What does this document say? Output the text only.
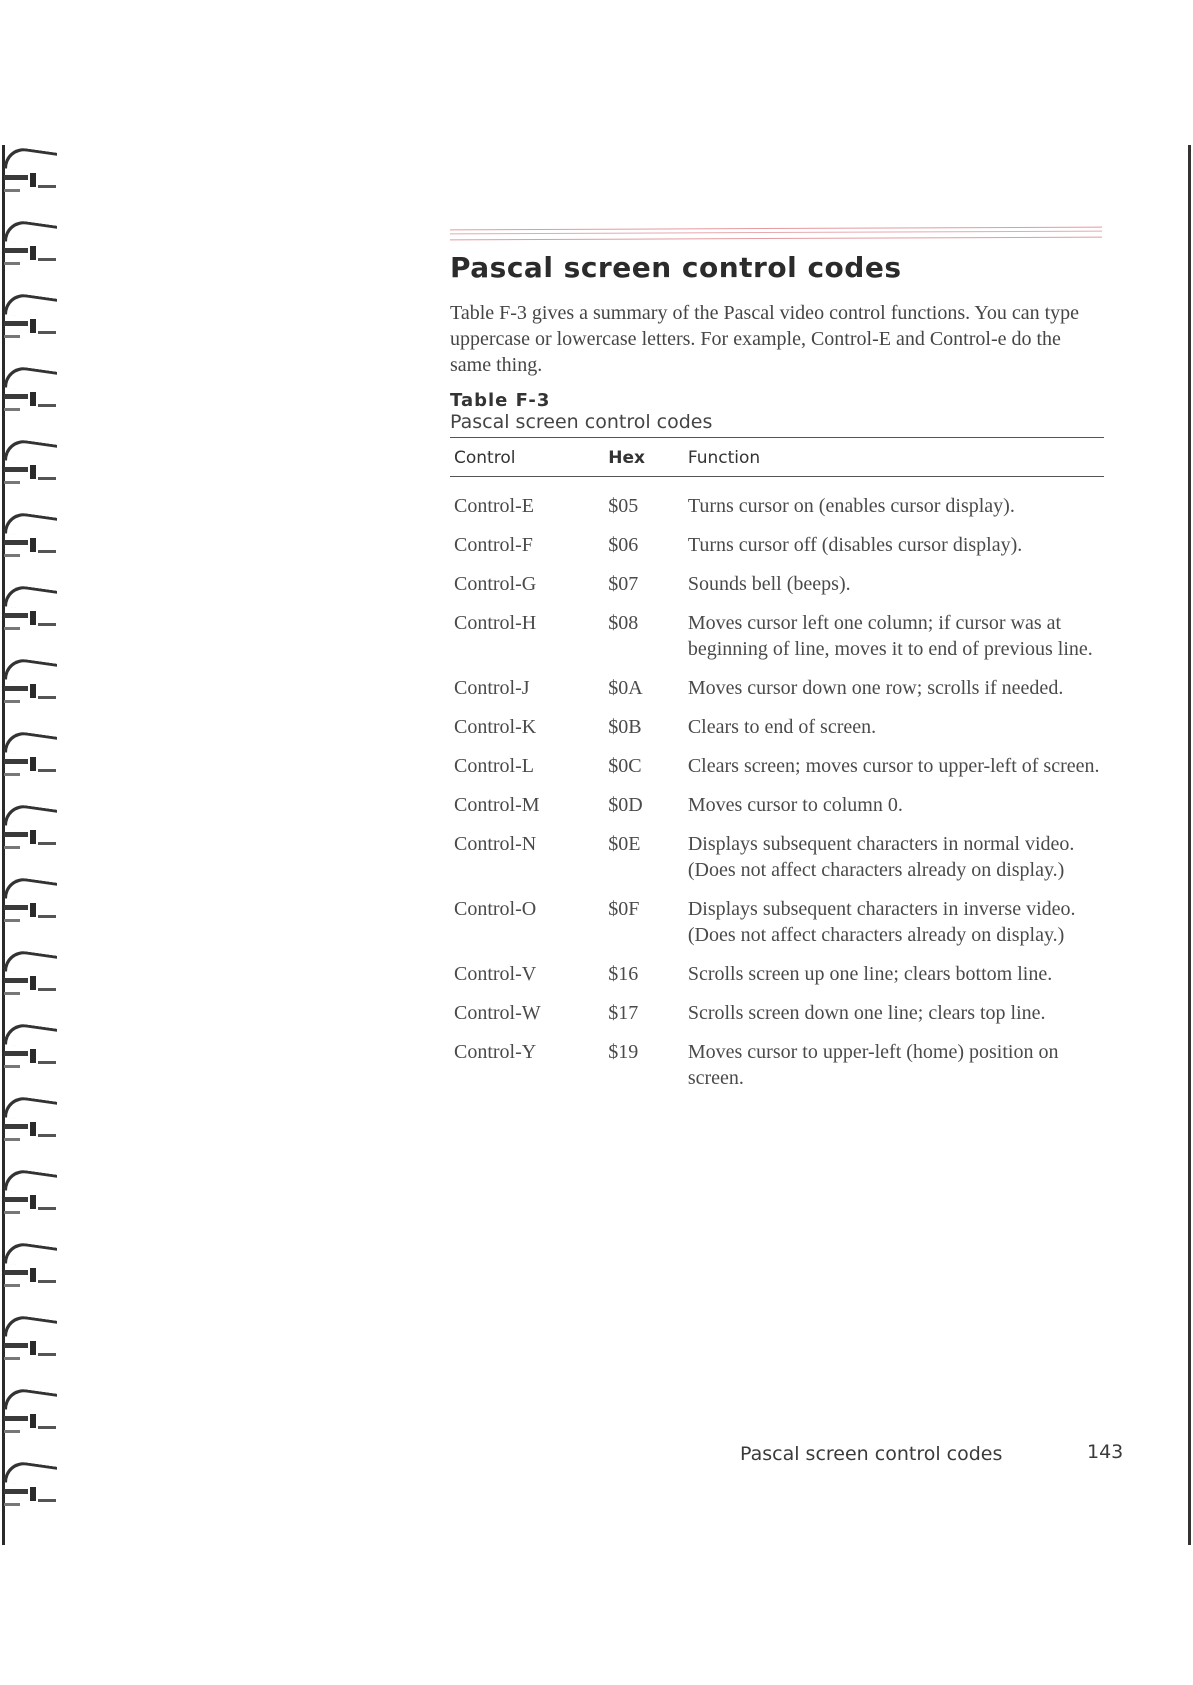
Pascal screen control codes

Table F-3 gives a summary of the Pascal video control functions. You can type uppercase or lowercase letters. For example, Control-E and Control-e do the same thing.

Table F-3

Pascal screen control codes

Control	Hex	Function
Control-E	$05	Turns cursor on (enables cursor display).
Control-F	$06	Turns cursor off (disables cursor display).
Control-G	$07	Sounds bell (beeps).
Control-H	$08	Moves cursor left one column; if cursor was at beginning of line, moves it to end of previous line.
Control-J	$0A	Moves cursor down one row; scrolls if needed.
Control-K	$0B	Clears to end of screen.
Control-L	$0C	Clears screen; moves cursor to upper-left of screen.
Control-M	$0D	Moves cursor to column 0.
Control-N	$0E	Displays subsequent characters in normal video. (Does not affect characters already on display.)
Control-O	$0F	Displays subsequent characters in inverse video. (Does not affect characters already on display.)
Control-V	$16	Scrolls screen up one line; clears bottom line.
Control-W	$17	Scrolls screen down one line; clears top line.
Control-Y	$19	Moves cursor to upper-left (home) position on screen.
Pascal screen control codes	143
